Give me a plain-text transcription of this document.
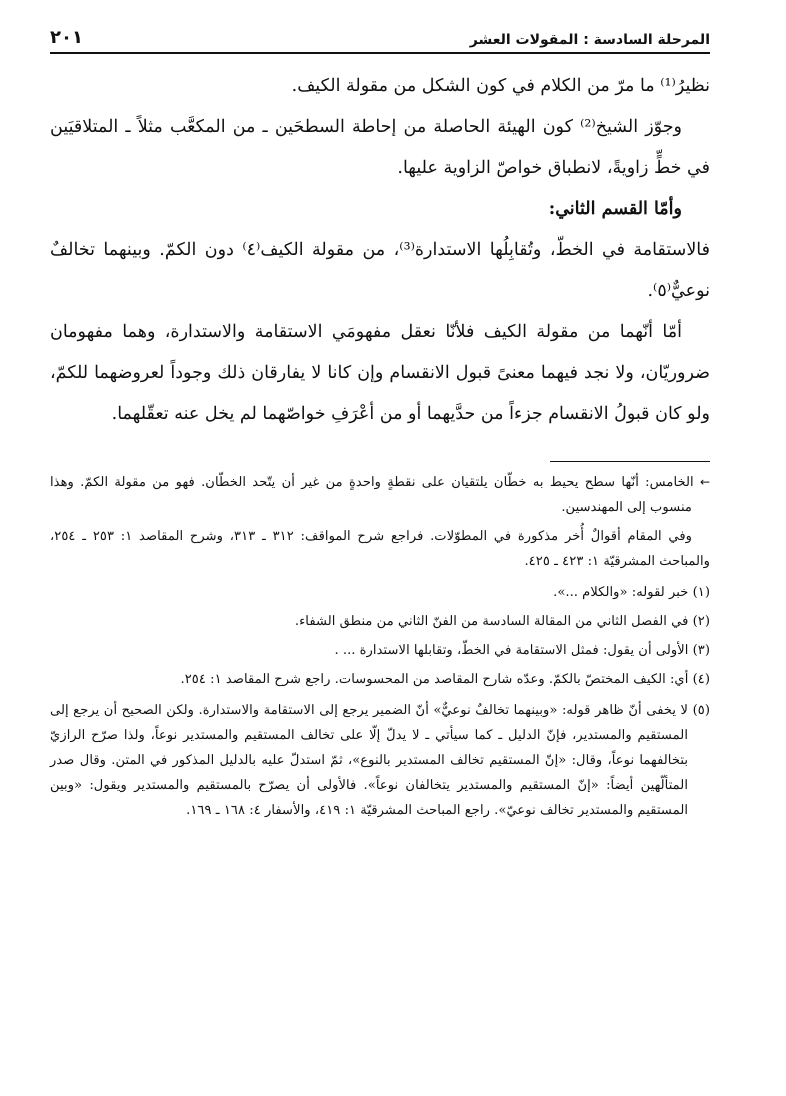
المرحلة السادسة : المقولات العشر
٢٠١

نظيرُ⁽¹⁾ ما مرّ من الكلام في كون الشكل من مقولة الكيف.

وجوّز الشيخ⁽²⁾ كون الهيئة الحاصلة من إحاطة السطحَين ـ من المكعَّب مثلاً ـ المتلاقيَين في خطٍّ زاويةً، لانطباق خواصّ الزاوية عليها.

وأمّا القسم الثاني:

فالاستقامة في الخطّ، وتُقابِلُها الاستدارة⁽³⁾، من مقولة الكيف⁽٤⁾ دون الكمّ. وبينهما تخالفٌ نوعيٌّ⁽٥⁾.

أمّا أنّهما من مقولة الكيف فلأنّا نعقل مفهومَي الاستقامة والاستدارة، وهما مفهومان ضروريّان، ولا نجد فيهما معنىً قبول الانقسام وإن كانا لا يفارقان ذلك وجوداً لعروضهما للكمّ، ولو كان قبولُ الانقسام جزءاً من حدَّيهما أو من أعْرَفِ خواصّهما لم يخل عنه تعقّلهما.

← الخامس: أنّها سطح يحيط به خطّان يلتقيان على نقطةٍ واحدةٍ من غير أن يتّحد الخطّان. فهو من مقولة الكمّ. وهذا منسوب إلى المهندسين.

وفي المقام أقوالٌ أُخر مذكورة في المطوّلات. فراجع شرح المواقف: ٣١٢ ـ ٣١٣، وشرح المقاصد ١: ٢٥٣ ـ ٢٥٤، والمباحث المشرقيّة ١: ٤٢٣ ـ ٤٢٥.

(١) خبر لقوله: «والكلام ...».

(٢) في الفصل الثاني من المقالة السادسة من الفنّ الثاني من منطق الشفاء.

(٣) الأولى أن يقول: فمثل الاستقامة في الخطّ، وتقابلها الاستدارة ... .

(٤) أي: الكيف المختصّ بالكمّ. وعدّه شارح المقاصد من المحسوسات. راجع شرح المقاصد ١: ٢٥٤.

(٥) لا يخفى أنّ ظاهر قوله: «وبينهما تخالفٌ نوعيٌّ» أنّ الضمير يرجع إلى الاستقامة والاستدارة. ولكن الصحيح أن يرجع إلى المستقيم والمستدير، فإنّ الدليل ـ كما سيأتي ـ لا يدلّ إلّا على تخالف المستقيم والمستدير نوعاً، ولذا صرّح الرازيّ بتخالفهما نوعاً، وقال: «إنّ المستقيم تخالف المستدير بالنوع»، ثمّ استدلّ عليه بالدليل المذكور في المتن. وقال صدر المتألّهين أيضاً: «إنّ المستقيم والمستدير يتخالفان نوعاً». فالأولى أن يصرّح بالمستقيم والمستدير ويقول: «وبين المستقيم والمستدير تخالف نوعيّ». راجع المباحث المشرقيّة ١: ٤١٩، والأسفار ٤: ١٦٨ ـ ١٦٩.
